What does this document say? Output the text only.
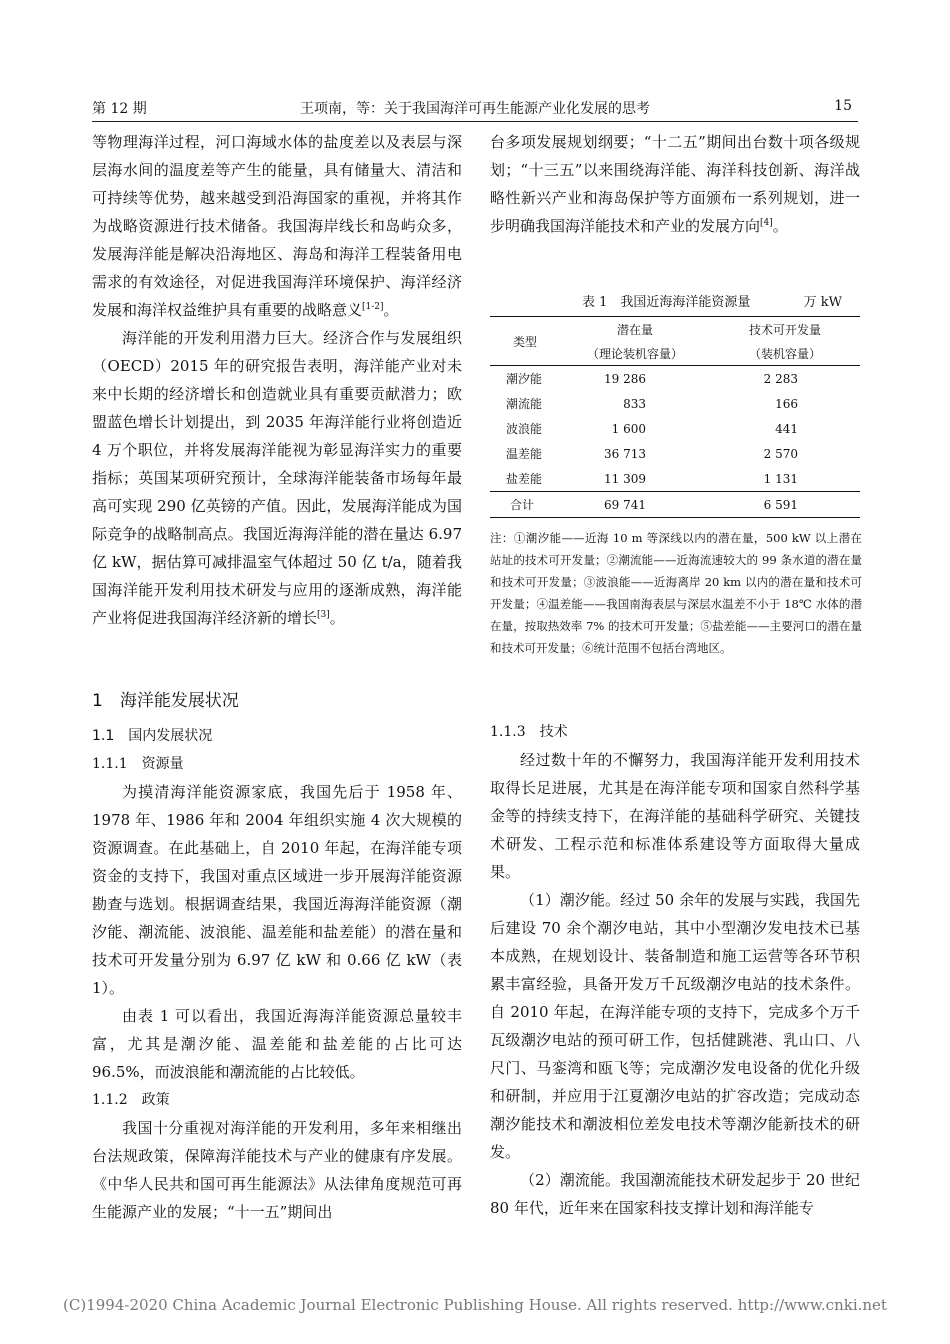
第 12 期	王项南，等：关于我国海洋可再生能源产业化发展的思考	15

等物理海洋过程，河口海域水体的盐度差以及表层与深层海水间的温度差等产生的能量，具有储量大、清洁和可持续等优势，越来越受到沿海国家的重视，并将其作为战略资源进行技术储备。我国海岸线长和岛屿众多，发展海洋能是解决沿海地区、海岛和海洋工程装备用电需求的有效途径，对促进我国海洋环境保护、海洋经济发展和海洋权益维护具有重要的战略意义[1-2]。

海洋能的开发利用潜力巨大。经济合作与发展组织（OECD）2015 年的研究报告表明，海洋能产业对未来中长期的经济增长和创造就业具有重要贡献潜力；欧盟蓝色增长计划提出，到 2035 年海洋能行业将创造近 4 万个职位，并将发展海洋能视为彰显海洋实力的重要指标；英国某项研究预计，全球海洋能装备市场每年最高可实现 290 亿英镑的产值。因此，发展海洋能成为国际竞争的战略制高点。我国近海海洋能的潜在量达 6.97 亿 kW，据估算可减排温室气体超过 50 亿 t/a，随着我国海洋能开发利用技术研发与应用的逐渐成熟，海洋能产业将促进我国海洋经济新的增长[3]。

1　海洋能发展状况
1.1　国内发展状况
1.1.1　资源量

为摸清海洋能资源家底，我国先后于 1958 年、1978 年、1986 年和 2004 年组织实施 4 次大规模的资源调查。在此基础上，自 2010 年起，在海洋能专项资金的支持下，我国对重点区域进一步开展海洋能资源勘查与选划。根据调查结果，我国近海海洋能资源（潮汐能、潮流能、波浪能、温差能和盐差能）的潜在量和技术可开发量分别为 6.97 亿 kW 和 0.66 亿 kW（表 1）。

由表 1 可以看出，我国近海海洋能资源总量较丰富，尤其是潮汐能、温差能和盐差能的占比可达 96.5%，而波浪能和潮流能的占比较低。

1.1.2　政策

我国十分重视对海洋能的开发利用，多年来相继出台法规政策，保障海洋能技术与产业的健康有序发展。《中华人民共和国可再生能源法》从法律角度规范可再生能源产业的发展；“十一五”期间出

台多项发展规划纲要；“十二五”期间出台数十项各级规划；“十三五”以来围绕海洋能、海洋科技创新、海洋战略性新兴产业和海岛保护等方面颁布一系列规划，进一步明确我国海洋能技术和产业的发展方向[4]。

表 1　我国近海海洋能资源量	万 kW
类型	潜在量	技术可开发量
	（理论装机容量）	（装机容量）
潮汐能	19 286	2 283
潮流能	833	166
波浪能	1 600	441
温差能	36 713	2 570
盐差能	11 309	1 131
合计	69 741	6 591
注：①潮汐能——近海 10 m 等深线以内的潜在量，500 kW 以上潜在站址的技术可开发量；②潮流能——近海流速较大的 99 条水道的潜在量和技术可开发量；③波浪能——近海离岸 20 km 以内的潜在量和技术可开发量；④温差能——我国南海表层与深层水温差不小于 18℃ 水体的潜在量，按取热效率 7% 的技术可开发量；⑤盐差能——主要河口的潜在量和技术可开发量；⑥统计范围不包括台湾地区。
1.1.3　技术

经过数十年的不懈努力，我国海洋能开发利用技术取得长足进展，尤其是在海洋能专项和国家自然科学基金等的持续支持下，在海洋能的基础科学研究、关键技术研发、工程示范和标准体系建设等方面取得大量成果。

（1）潮汐能。经过 50 余年的发展与实践，我国先后建设 70 余个潮汐电站，其中小型潮汐发电技术已基本成熟，在规划设计、装备制造和施工运营等各环节积累丰富经验，具备开发万千瓦级潮汐电站的技术条件。自 2010 年起，在海洋能专项的支持下，完成多个万千瓦级潮汐电站的预可研工作，包括健跳港、乳山口、八尺门、马銮湾和瓯飞等；完成潮汐发电设备的优化升级和研制，并应用于江夏潮汐电站的扩容改造；完成动态潮汐能技术和潮波相位差发电技术等潮汐能新技术的研发。

（2）潮流能。我国潮流能技术研发起步于 20 世纪 80 年代，近年来在国家科技支撑计划和海洋能专

(C)1994-2020 China Academic Journal Electronic Publishing House. All rights reserved. http://www.cnki.net
